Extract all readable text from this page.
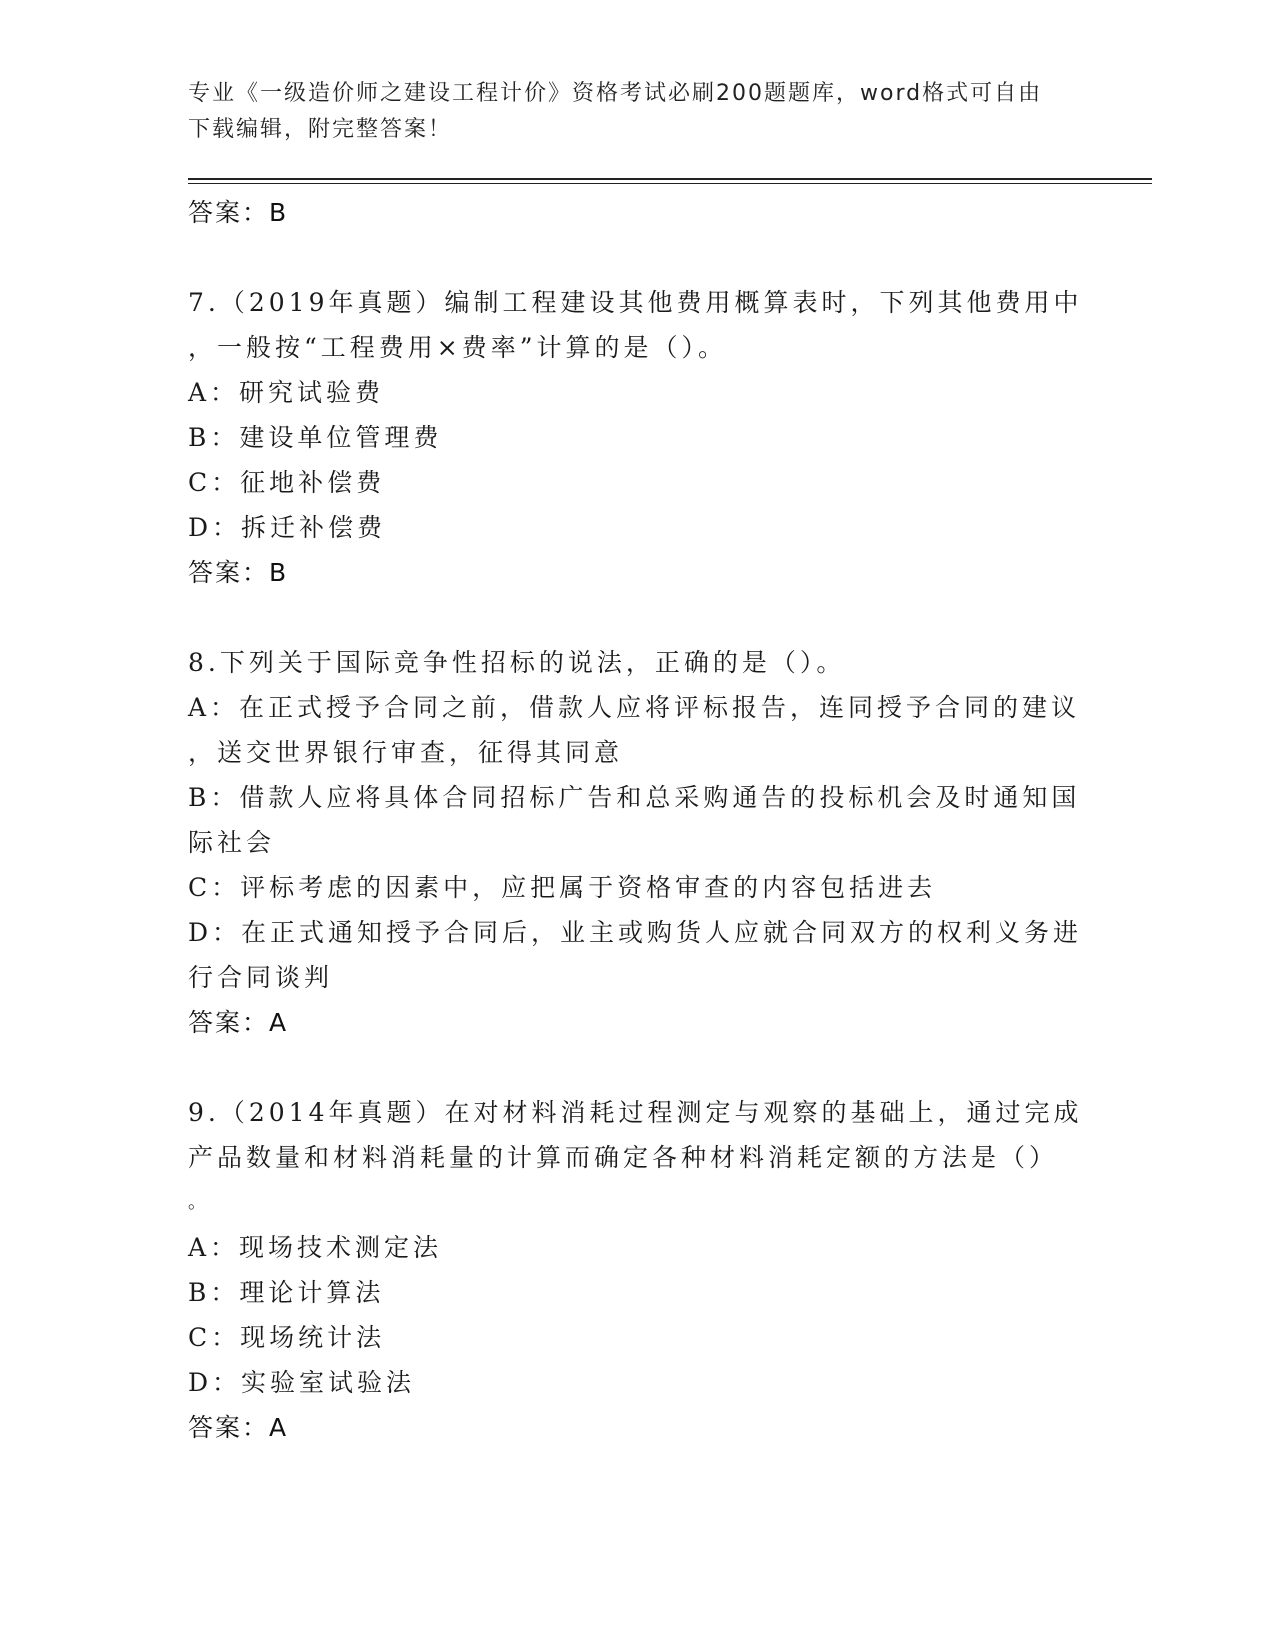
专业《一级造价师之建设工程计价》资格考试必刷200题题库，word格式可自由
下载编辑，附完整答案！
答案：B
7.（2019年真题）编制工程建设其他费用概算表时，下列其他费用中
，一般按“工程费用×费率”计算的是（）。
A：研究试验费
B：建设单位管理费
C：征地补偿费
D：拆迁补偿费
答案：B
8.下列关于国际竞争性招标的说法，正确的是（）。
A：在正式授予合同之前，借款人应将评标报告，连同授予合同的建议
，送交世界银行审查，征得其同意
B：借款人应将具体合同招标广告和总采购通告的投标机会及时通知国
际社会
C：评标考虑的因素中，应把属于资格审查的内容包括进去
D：在正式通知授予合同后，业主或购货人应就合同双方的权利义务进
行合同谈判
答案：A
9.（2014年真题）在对材料消耗过程测定与观察的基础上，通过完成
产品数量和材料消耗量的计算而确定各种材料消耗定额的方法是（）
。
A：现场技术测定法
B：理论计算法
C：现场统计法
D：实验室试验法
答案：A
